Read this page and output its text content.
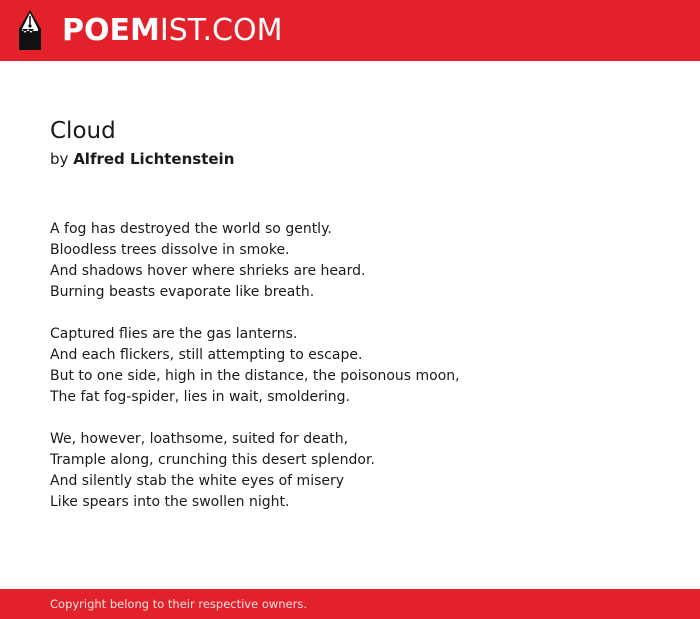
POEMIST.COM
Cloud
by Alfred Lichtenstein
A fog has destroyed the world so gently.
Bloodless trees dissolve in smoke.
And shadows hover where shrieks are heard.
Burning beasts evaporate like breath.
Captured flies are the gas lanterns.
And each flickers, still attempting to escape.
But to one side, high in the distance, the poisonous moon,
The fat fog-spider, lies in wait, smoldering.
We, however, loathsome, suited for death,
Trample along, crunching this desert splendor.
And silently stab the white eyes of misery
Like spears into the swollen night.
Copyright belong to their respective owners.
